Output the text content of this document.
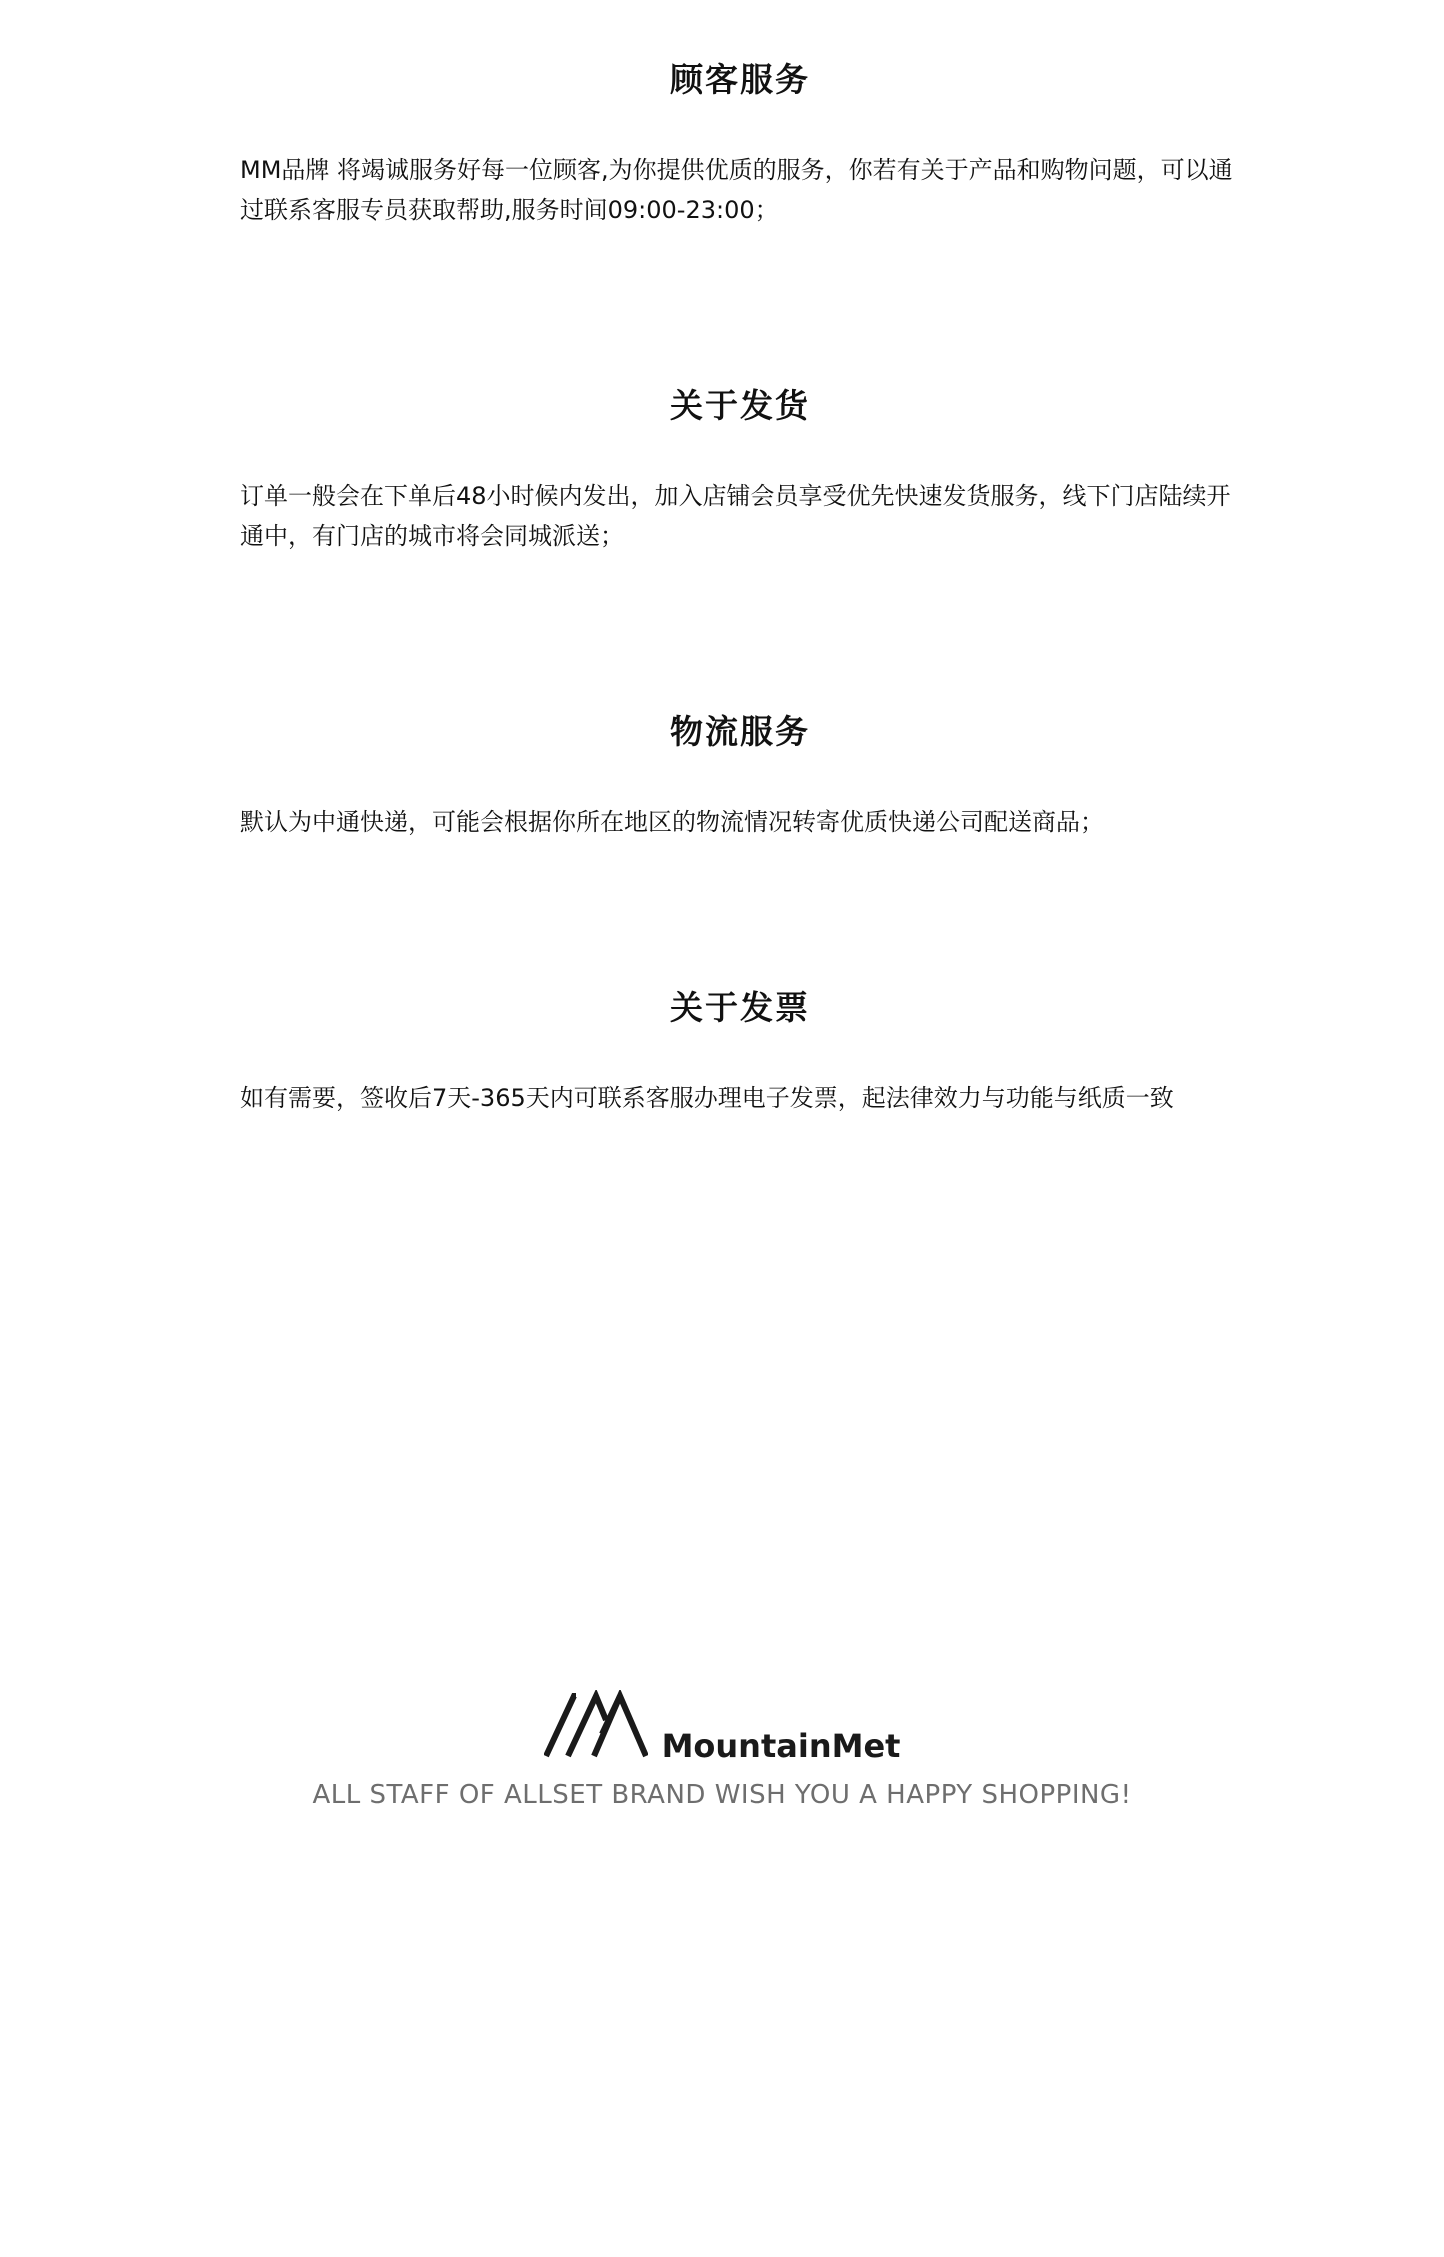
顾客服务

MM品牌 将竭诚服务好每一位顾客,为你提供优质的服务，你若有关于产品和购物问题，可以通过联系客服专员获取帮助,服务时间09:00-23:00；

关于发货

订单一般会在下单后48小时候内发出，加入店铺会员享受优先快速发货服务，线下门店陆续开通中，有门店的城市将会同城派送；

物流服务

默认为中通快递，可能会根据你所在地区的物流情况转寄优质快递公司配送商品；

关于发票

如有需要，签收后7天-365天内可联系客服办理电子发票，起法律效力与功能与纸质一致

MountainMet
ALL STAFF OF ALLSET BRAND WISH YOU A HAPPY SHOPPING!
